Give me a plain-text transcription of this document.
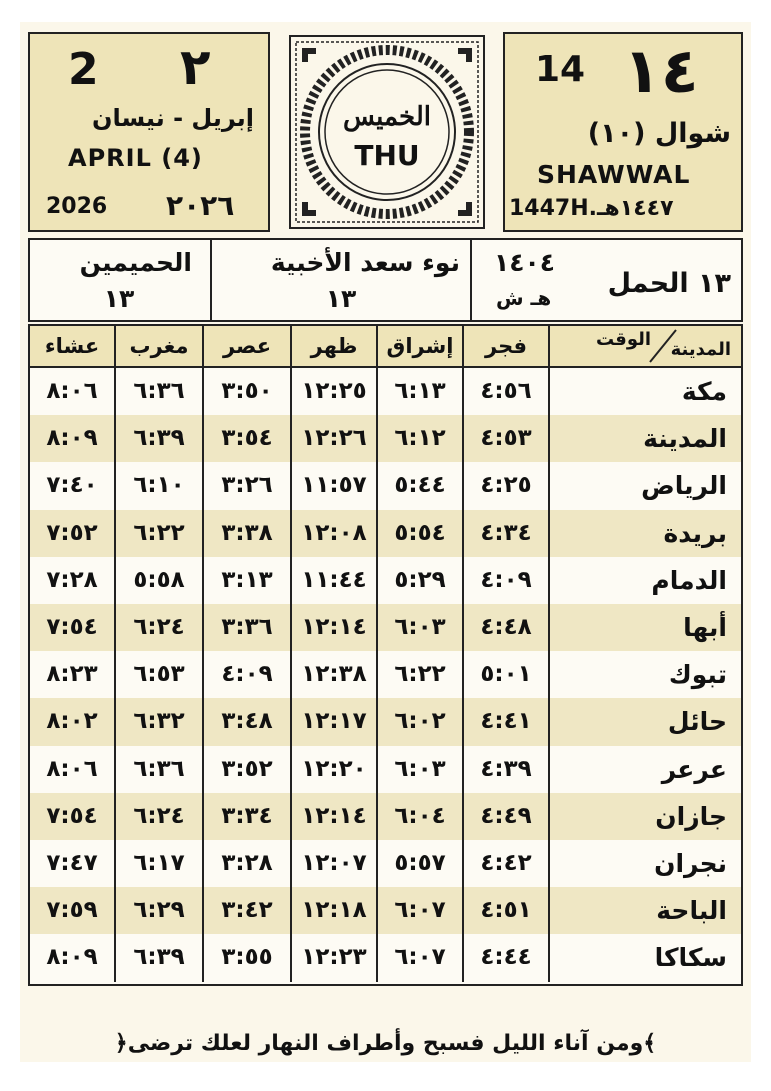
2 ٢
إبريل - نيسان
APRIL (4)
2026 ٢٠٢٦
الخميس
THU
14 ١٤
شوال (١٠)
SHAWWAL
1447H.١٤٤٧هـ
الحميمين
١٣
نوء سعد الأخبية
١٣
١٤٠٤
هـ ش ١٣ الحمل
عشاء	مغرب	عصر	ظهر	إشراق	فجر	الوقت المدينة
٨:٠٦	٦:٣٦	٣:٥٠	١٢:٢٥	٦:١٣	٤:٥٦	مكة
٨:٠٩	٦:٣٩	٣:٥٤	١٢:٢٦	٦:١٢	٤:٥٣	المدينة
٧:٤٠	٦:١٠	٣:٢٦	١١:٥٧	٥:٤٤	٤:٢٥	الرياض
٧:٥٢	٦:٢٢	٣:٣٨	١٢:٠٨	٥:٥٤	٤:٣٤	بريدة
٧:٢٨	٥:٥٨	٣:١٣	١١:٤٤	٥:٢٩	٤:٠٩	الدمام
٧:٥٤	٦:٢٤	٣:٣٦	١٢:١٤	٦:٠٣	٤:٤٨	أبها
٨:٢٣	٦:٥٣	٤:٠٩	١٢:٣٨	٦:٢٢	٥:٠١	تبوك
٨:٠٢	٦:٣٢	٣:٤٨	١٢:١٧	٦:٠٢	٤:٤١	حائل
٨:٠٦	٦:٣٦	٣:٥٢	١٢:٢٠	٦:٠٣	٤:٣٩	عرعر
٧:٥٤	٦:٢٤	٣:٣٤	١٢:١٤	٦:٠٤	٤:٤٩	جازان
٧:٤٧	٦:١٧	٣:٢٨	١٢:٠٧	٥:٥٧	٤:٤٢	نجران
٧:٥٩	٦:٢٩	٣:٤٢	١٢:١٨	٦:٠٧	٤:٥١	الباحة
٨:٠٩	٦:٣٩	٣:٥٥	١٢:٢٣	٦:٠٧	٤:٤٤	سكاكا
﴿ومن آناء الليل فسبح وأطراف النهار لعلك ترضى﴾
